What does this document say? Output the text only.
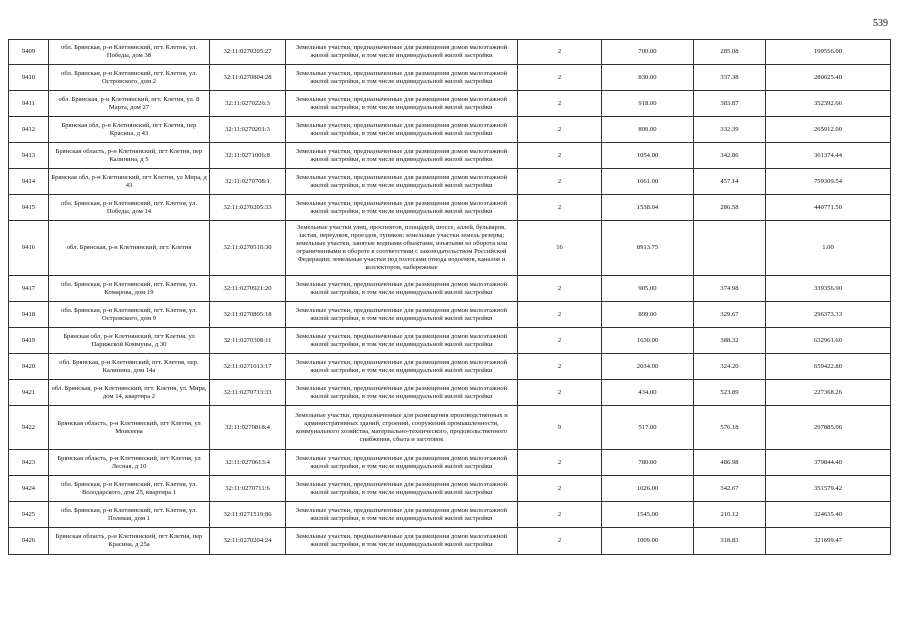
539
9409	обл. Брянская, р-н Клетнянский, пгт. Клетня, ул. Победы, дом 38	32:11:0270205:27	Земельные участки, предназначенные для размещения домов малоэтажной жилой застройки, в том числе индивидуальной жилой застройки	2	700.00	285.08	199556.00
9410	обл. Брянская, р-н Клетнянский, пгт. Клетня, ул. Островского, дом 2	32:11:0270804:28	Земельные участки, предназначенные для размещения домов малоэтажной жилой застройки, в том числе индивидуальной жилой застройки	2	830.00	337.38	280025.40
9411	обл. Брянская, р-н Клетнянский, пгт. Клетня, ул. 8 Марта, дом 27	32:11:0270226:3	Земельные участки, предназначенные для размещения домов малоэтажной жилой застройки, в том числе индивидуальной жилой застройки	2	918.00	383.87	352392.66
9412	Брянская обл, р-н Клетнянский, пгт Клетня, пер Красина, д 43	32:11:0270201:3	Земельные участки, предназначенные для размещения домов малоэтажной жилой застройки, в том числе индивидуальной жилой застройки	2	800.00	332.39	265912.00
9413	Брянская область, р-н Клетнянский, пгт Клетня, пер Калинина, д 5	32:11:0271006:8	Земельные участки, предназначенные для размещения домов малоэтажной жилой застройки, в том числе индивидуальной жилой застройки	2	1054.00	342.86	361374.44
9414	Брянская обл, р-н Клетнянский, пгт Клетня, ул Мира, д 43	32:11:0270708:1	Земельные участки, предназначенные для размещения домов малоэтажной жилой застройки, в том числе индивидуальной жилой застройки	2	1661.00	457.14	759309.54
9415	обл. Брянская, р-н Клетнянский, пгт. Клетня, ул. Победы, дом 14	32:11:0270205:33	Земельные участки, предназначенные для размещения домов малоэтажной жилой застройки, в том числе индивидуальной жилой застройки	2	1538.04	286.58	440771.50
9416	обл. Брянская, р-н Клетнянский, пгт. Клетня	32:11:0270510:30	Земельные участки улиц, проспектов, площадей, шоссе, аллей, бульваров, застав, переулков, проездов, тупиков; земельные участки земель резерва; земельные участки, занятые водными объектами, изъятыми из оборота или ограниченными в обороте в соответствии с законодательством Российской Федерации; земельные участки под полосами отвода водоемов, каналов и коллекторов, набережные	16	8913.75		1.00
9417	обл. Брянская, р-н Клетнянский, пгт. Клетня, ул. Комарова, дом 19	32:11:0270921:20	Земельные участки, предназначенные для размещения домов малоэтажной жилой застройки, в том числе индивидуальной жилой застройки	2	905.00	374.98	339356.90
9418	обл. Брянская, р-н Клетнянский, пгт. Клетня, ул. Островского, дом 9	32:11:0270805:18	Земельные участки, предназначенные для размещения домов малоэтажной жилой застройки, в том числе индивидуальной жилой застройки	2	899.00	329.67	296373.33
9419	Брянская обл, р-н Клетнянский, пгт Клетня, ул Парижской Коммуны, д 30	32:11:0270308:11	Земельные участки, предназначенные для размещения домов малоэтажной жилой застройки, в том числе индивидуальной жилой застройки	2	1630.00	388.32	632961.60
9420	обл. Брянская, р-н Клетнянский, пгт. Клетня, пер. Калинина, дом 14а	32:11:0271013:17	Земельные участки, предназначенные для размещения домов малоэтажной жилой застройки, в том числе индивидуальной жилой застройки	2	2034.00	324.20	659422.80
9421	обл. Брянская, р-н Клетнянский, пгт. Клетня, ул. Мира, дом 14, квартира 2	32:11:0270713:33	Земельные участки, предназначенные для размещения домов малоэтажной жилой застройки, в том числе индивидуальной жилой застройки	2	434.00	523.89	227368.26
9422	Брянская область, р-н Клетнянский, пгт Клетня, ул Моисеева	32:11:0270818:4	Земельные участки, предназначенные для размещения производственных и административных зданий, строений, сооружений промышленности, коммунального хозяйства, материально-технического, продовольственного снабжения, сбыта и заготовок	9	517.00	576.18	297885.06
9423	Брянская область, р-н Клетнянский, пгт Клетня, ул Лесная, д 10	32:11:0270613:4	Земельные участки, предназначенные для размещения домов малоэтажной жилой застройки, в том числе индивидуальной жилой застройки	2	780.00	486.98	379844.40
9424	обл. Брянская, р-н Клетнянский, пгт. Клетня, ул. Володарского, дом 25, квартира 1	32:11:0270711:6	Земельные участки, предназначенные для размещения домов малоэтажной жилой застройки, в том числе индивидуальной жилой застройки	2	1026.00	342.67	351579.42
9425	обл. Брянская, р-н Клетнянский, пгт. Клетня, ул. Полевая, дом 1	32:11:0271519:86	Земельные участки, предназначенные для размещения домов малоэтажной жилой застройки, в том числе индивидуальной жилой застройки	2	1545.00	210.12	324635.40
9426	Брянская область, р-н Клетнянский, пгт Клетня, пер Красина, д 25а	32:11:0270204:24	Земельные участки, предназначенные для размещения домов малоэтажной жилой застройки, в том числе индивидуальной жилой застройки	2	1009.00	318.83	321699.47
